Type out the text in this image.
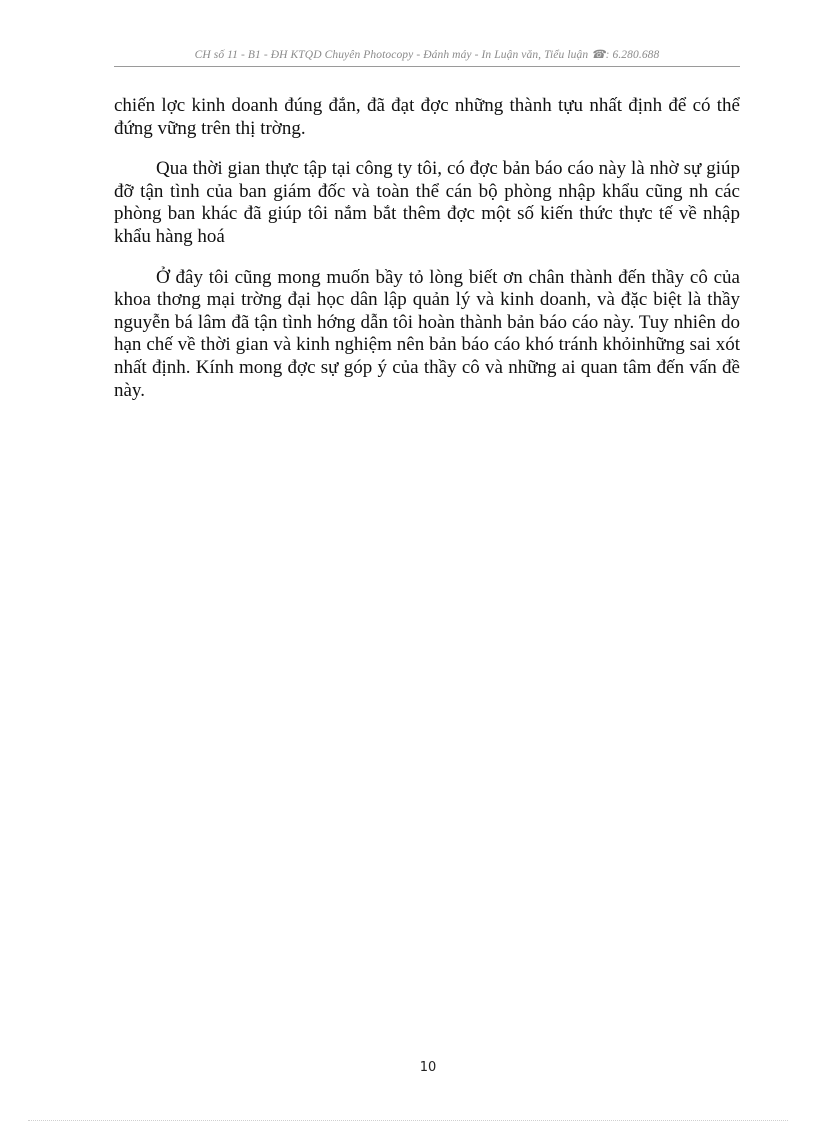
CH số 11 - B1 - ĐH KTQD Chuyên Photocopy - Đánh máy - In Luận văn, Tiểu luận ☎: 6.280.688

chiến lợc kinh doanh đúng đắn, đã đạt đợc những thành tựu nhất định để có thể đứng vững trên thị trờng.

Qua thời gian thực tập tại công ty tôi, có đợc bản báo cáo này là nhờ sự giúp đỡ tận tình của ban giám đốc và toàn thể cán bộ phòng nhập khẩu cũng nh các phòng ban khác đã giúp tôi nắm bắt thêm đợc một số kiến thức thực tế về nhập khẩu hàng hoá

Ở đây tôi cũng mong muốn bầy tỏ lòng biết ơn chân thành đến thầy cô của khoa thơng mại trờng đại học dân lập quản lý và kinh doanh, và đặc biệt là thầy nguyễn bá lâm đã tận tình hớng dẫn tôi hoàn thành bản báo cáo này. Tuy nhiên do hạn chế về thời gian và kinh nghiệm nên bản báo cáo khó tránh khỏinhững sai xót nhất định. Kính mong đợc sự góp ý của thầy cô và những ai quan tâm đến vấn đề này.

10
